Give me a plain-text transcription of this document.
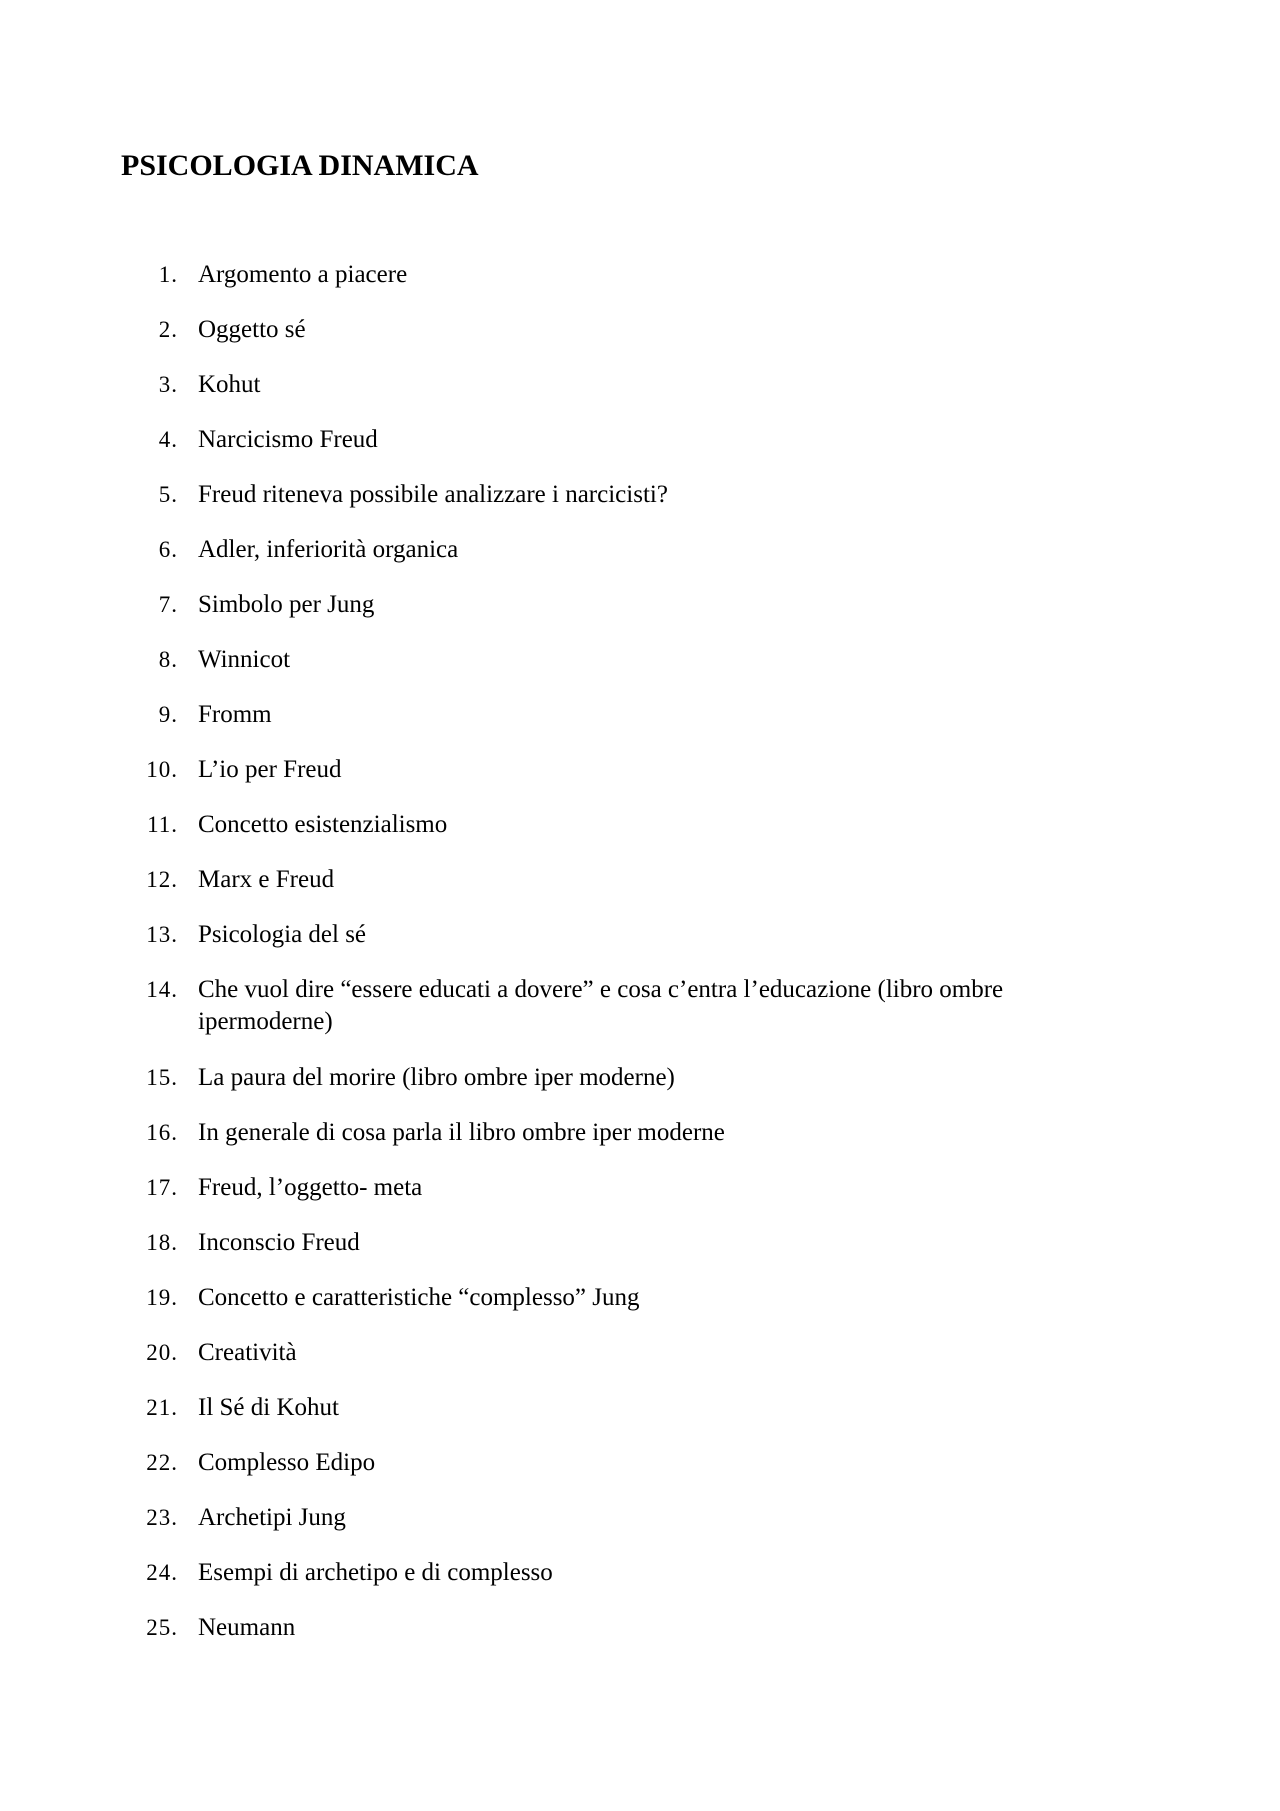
PSICOLOGIA DINAMICA
1. Argomento a piacere
2. Oggetto sé
3. Kohut
4. Narcicismo Freud
5. Freud riteneva possibile analizzare i narcicisti?
6. Adler, inferiorità organica
7. Simbolo per Jung
8. Winnicot
9. Fromm
10. L’io per Freud
11. Concetto esistenzialismo
12. Marx e Freud
13. Psicologia del sé
14. Che vuol dire “essere educati a dovere” e cosa c’entra l’educazione (libro ombre ipermoderne)
15. La paura del morire (libro ombre iper moderne)
16. In generale di cosa parla il libro ombre iper moderne
17. Freud, l’oggetto- meta
18. Inconscio Freud
19. Concetto e caratteristiche “complesso” Jung
20. Creatività
21. Il Sé di Kohut
22. Complesso Edipo
23. Archetipi Jung
24. Esempi di archetipo e di complesso
25. Neumann
